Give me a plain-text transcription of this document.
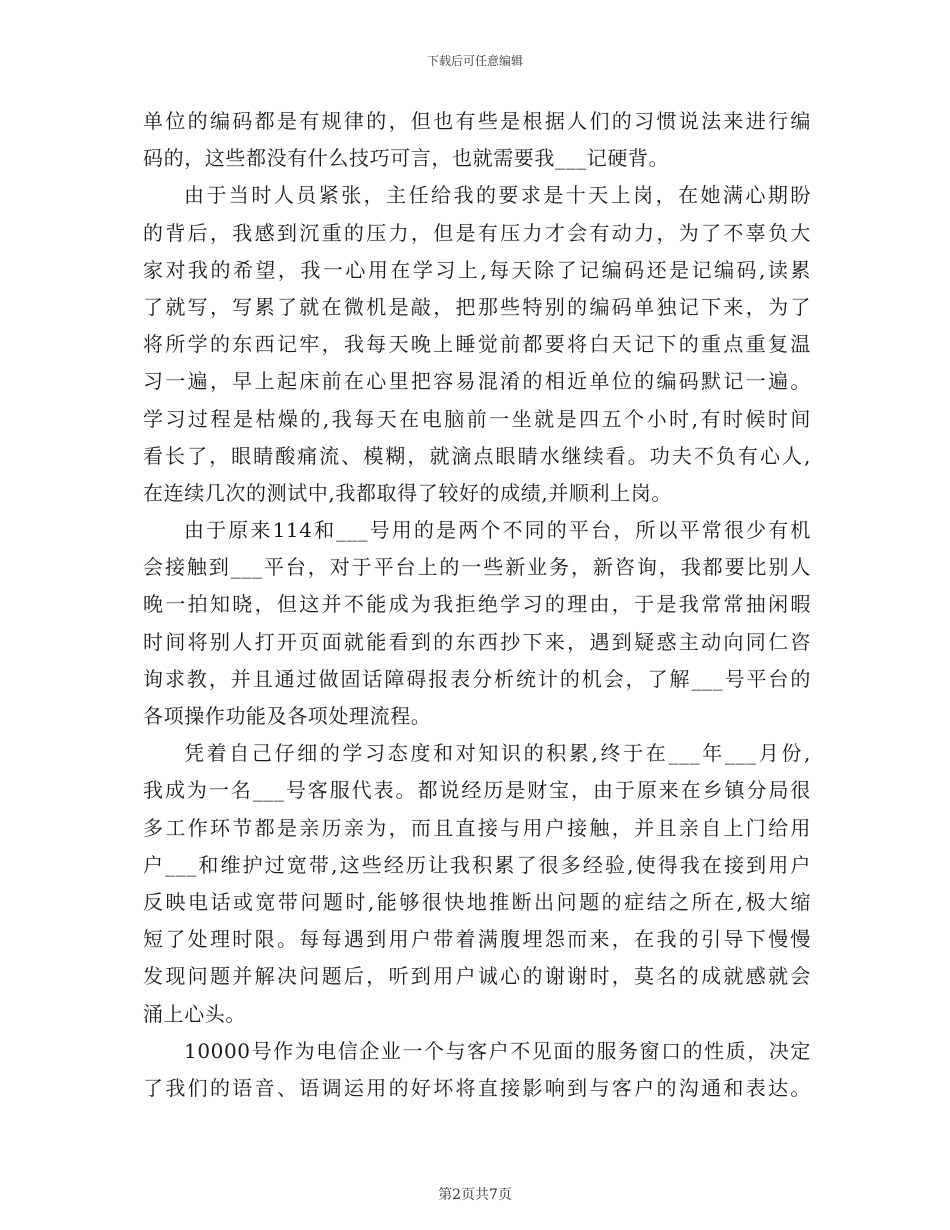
下载后可任意编辑
单位的编码都是有规律的，但也有些是根据人们的习惯说法来进行编
码的，这些都没有什么技巧可言，也就需要我___记硬背。
由于当时人员紧张，主任给我的要求是十天上岗，在她满心期盼
的背后，我感到沉重的压力，但是有压力才会有动力，为了不辜负大
家对我的希望，我一心用在学习上,每天除了记编码还是记编码,读累
了就写，写累了就在微机是敲，把那些特别的编码单独记下来，为了
将所学的东西记牢，我每天晚上睡觉前都要将白天记下的重点重复温
习一遍，早上起床前在心里把容易混淆的相近单位的编码默记一遍。
学习过程是枯燥的,我每天在电脑前一坐就是四五个小时,有时候时间
看长了，眼睛酸痛流、模糊，就滴点眼睛水继续看。功夫不负有心人,
在连续几次的测试中,我都取得了较好的成绩,并顺利上岗。
由于原来114和___号用的是两个不同的平台，所以平常很少有机
会接触到___平台，对于平台上的一些新业务，新咨询，我都要比别人
晚一拍知晓，但这并不能成为我拒绝学习的理由，于是我常常抽闲暇
时间将别人打开页面就能看到的东西抄下来，遇到疑惑主动向同仁咨
询求教，并且通过做固话障碍报表分析统计的机会，了解___号平台的
各项操作功能及各项处理流程。
凭着自己仔细的学习态度和对知识的积累,终于在___年___月份,
我成为一名___号客服代表。都说经历是财宝，由于原来在乡镇分局很
多工作环节都是亲历亲为，而且直接与用户接触，并且亲自上门给用
户___和维护过宽带,这些经历让我积累了很多经验,使得我在接到用户
反映电话或宽带问题时,能够很快地推断出问题的症结之所在,极大缩
短了处理时限。每每遇到用户带着满腹埋怨而来，在我的引导下慢慢
发现问题并解决问题后，听到用户诚心的谢谢时，莫名的成就感就会
涌上心头。
10000号作为电信企业一个与客户不见面的服务窗口的性质，决定
了我们的语音、语调运用的好坏将直接影响到与客户的沟通和表达。
第2页共7页
